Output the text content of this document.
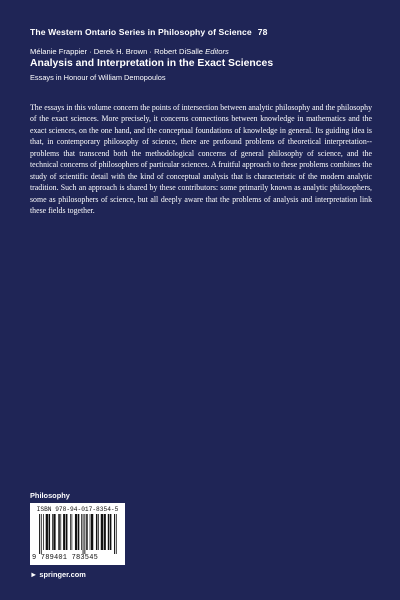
The Western Ontario Series in Philosophy of Science 78
Mélanie Frappier · Derek H. Brown · Robert DiSalle Editors
Analysis and Interpretation in the Exact Sciences
Essays in Honour of William Demopoulos
The essays in this volume concern the points of intersection between analytic philosophy and the philosophy of the exact sciences. More precisely, it concerns connections between knowledge in mathematics and the exact sciences, on the one hand, and the conceptual foundations of knowledge in general. Its guiding idea is that, in contemporary philosophy of science, there are profound problems of theoretical interpretation-- problems that transcend both the methodological concerns of general philosophy of science, and the technical concerns of philosophers of particular sciences. A fruitful approach to these problems combines the study of scientific detail with the kind of conceptual analysis that is characteristic of the modern analytic tradition. Such an approach is shared by these contributors: some primarily known as analytic philosophers, some as philosophers of science, but all deeply aware that the problems of analysis and interpretation link these fields together.
Philosophy
ISBN 978-94-017-8354-5
9 789401 783545
► springer.com
